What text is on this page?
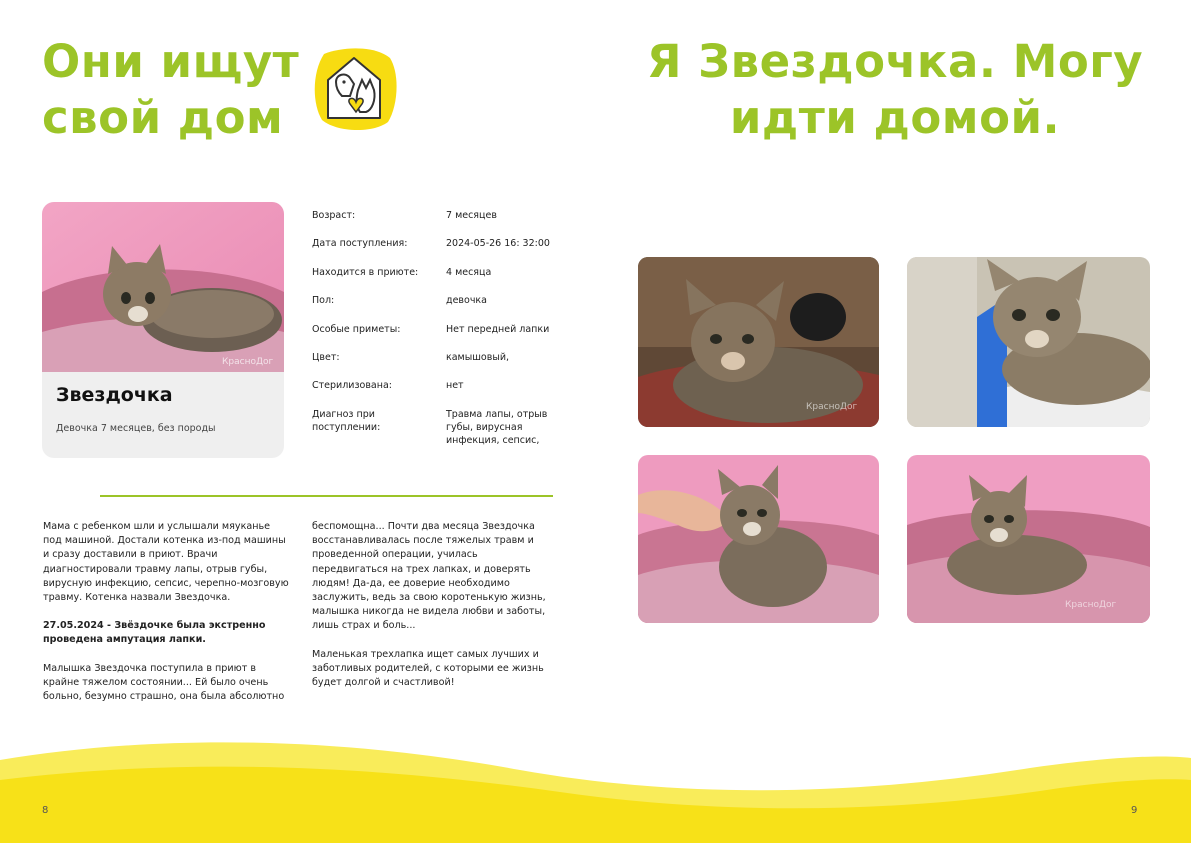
Они ищут
свой дом
КрасноДог
Звездочка
Девочка 7 месяцев, без породы
Возраст:	7 месяцев
Дата поступления:	2024-05-26 16: 32:00
Находится в приюте:	4 месяца
Пол:	девочка
Особые приметы:	Нет передней лапки
Цвет:	камышовый,
Стерилизована:	нет
Диагноз при поступлении:
Травма лапы, отрыв губы, вирусная инфекция, сепсис,

Мама с ребенком шли и услышали мяуканье под машиной. Достали котенка из-под машины и сразу доставили в приют. Врачи диагностировали травму лапы, отрыв губы, вирусную инфекцию, сепсис, черепно-мозговую травму. Котенка назвали Звездочка.

27.05.2024 - Звёздочке была экстренно проведена ампутация лапки.

Малышка Звездочка поступила в приют в крайне тяжелом состоянии... Ей было очень больно, безумно страшно, она была абсолютно

беспомощна... Почти два месяца Звездочка восстанавливалась после тяжелых травм и проведенной операции, училась передвигаться на трех лапках, и доверять людям! Да-да, ее доверие необходимо заслужить, ведь за свою коротенькую жизнь, малышка никогда не видела любви и заботы, лишь страх и боль...

Маленькая трехлапка ищет самых лучших и заботливых родителей, с которыми ее жизнь будет долгой и счастливой!

8
Я Звездочка. Могу
идти домой.
КрасноДог
КрасноДог
9
